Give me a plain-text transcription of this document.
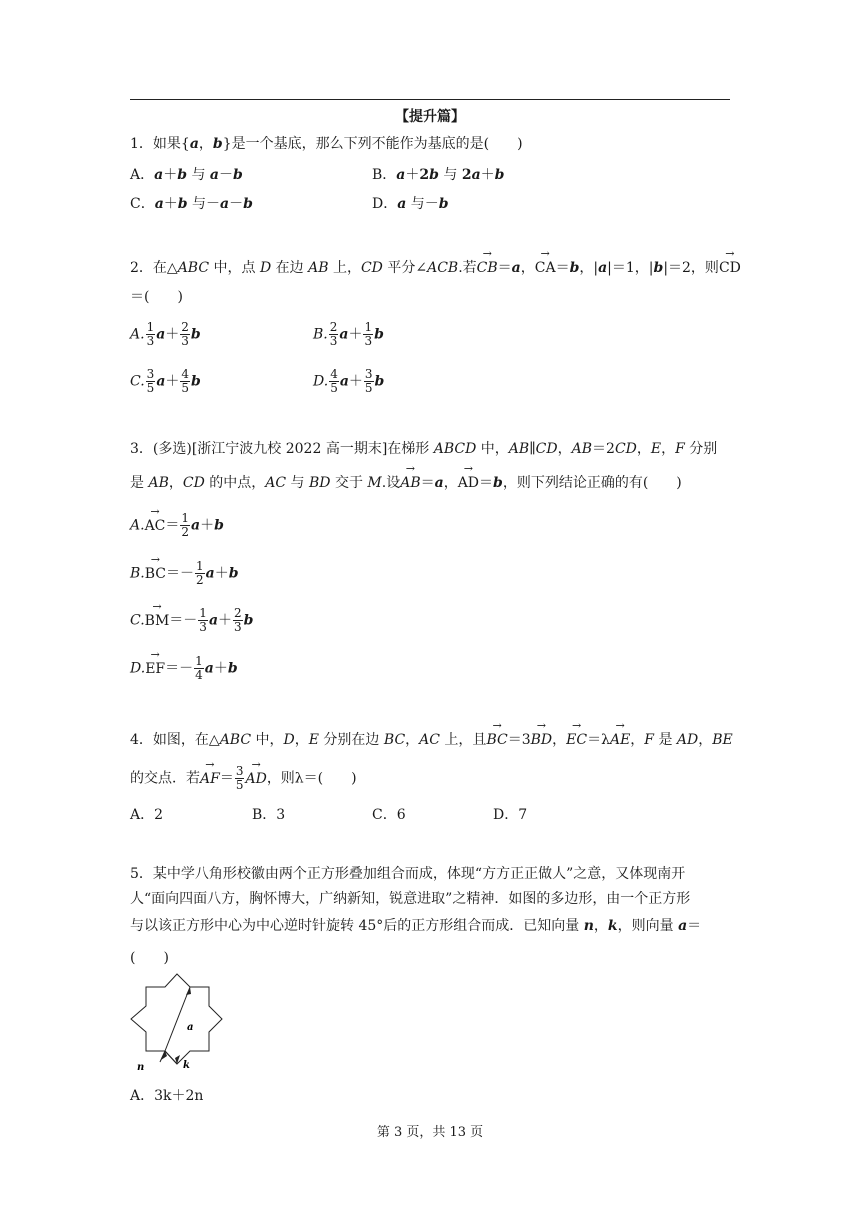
【提升篇】
1．如果{a，b}是一个基底，那么下列不能作为基底的是(　　)
A．a＋b 与 a－b	B．a＋2b 与 2a＋b
C．a＋b 与－a－b	D．a 与－b
2．在△ABC 中，点 D 在边 AB 上，CD 平分∠ACB.若→ CB＝a，→ CA＝b，|a|＝1，|b|＝2，则→ CD
＝(　　)
A. $\frac{1}{3} a+ \frac{2}{3}$ b	B. $\frac{2}{3} a+ \frac{1}{3}$ b
C. $\frac{3}{5} a+ \frac{4}{5}$ b	D. $\frac{4}{5} a+ \frac{3}{5}$ b
3．(多选)[浙江宁波九校 2022 高一期末]在梯形 ABCD 中，AB∥CD，AB＝2CD，E，F 分别
是 AB，CD 的中点，AC 与 BD 交于 M.设→ AB＝a，→ AD＝b，则下列结论正确的有(　　)
$A.\to AC= \frac{1}{2} a+b$
$B.\to BC=- \frac{1}{2} a+b$
$C.\to BM=- \frac{1}{3} a+ \frac{2}{3}$ b
$D.\to EF=- \frac{1}{4} a+b$
4．如图，在△ABC 中，D，E 分别在边 BC，AC 上，且→ BC＝3→ BD，→ EC＝λ→ AE，F 是 AD，BE
的交点．若→ $AF= \frac{3}{5}$
→ AD，则λ＝(　　)
A．2	B．3	C．6	D．7
5．某中学八角形校徽由两个正方形叠加组合而成，体现“方方正正做人”之意，又体现南开
人“面向四面八方，胸怀博大，广纳新知，锐意进取”之精神．如图的多边形，由一个正方形
与以该正方形中心为中心逆时针旋转 45°后的正方形组合而成．已知向量 n，k，则向量 a＝
(　　)
a
n	k
A．3k＋2n
第 3 页，共 13 页
